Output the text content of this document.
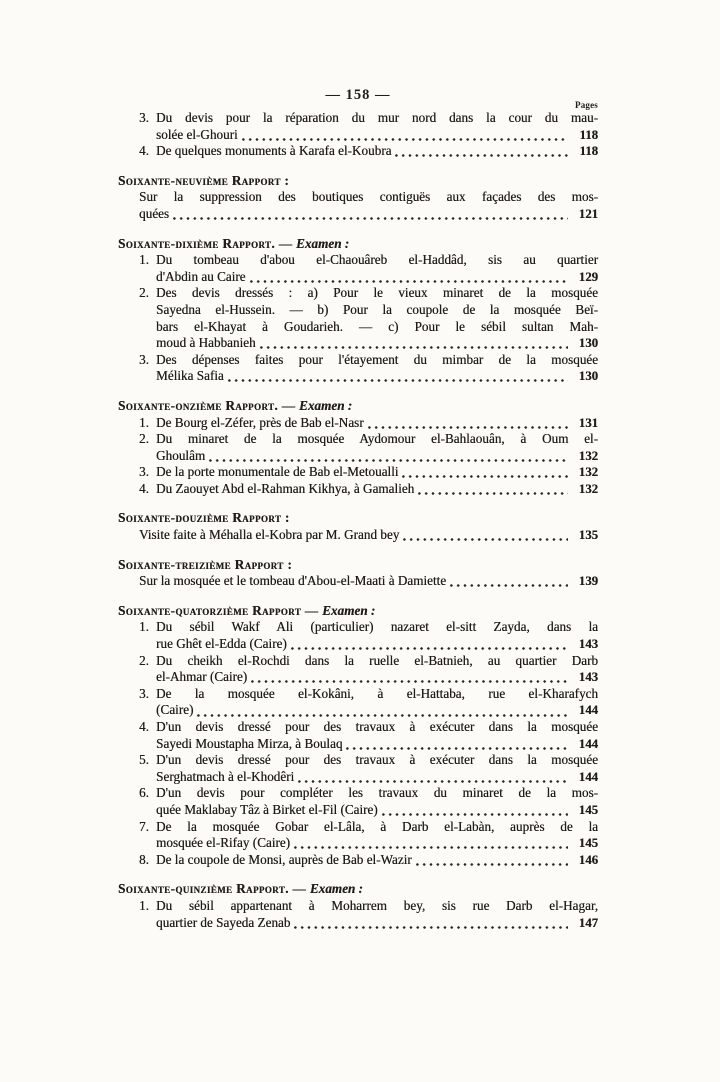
— 158 —
Pages
3. Du devis pour la réparation du mur nord dans la cour du mau-
solée el-Ghouri	118
4. De quelques monuments à Karafa el-Koubra	118
Soixante-neuvième Rapport :
Sur la suppression des boutiques contiguës aux façades des mos-
quées	121
Soixante-dixième Rapport. — Examen :
1. Du tombeau d'abou el-Chaouâreb el-Haddâd, sis au quartier
d'Abdin au Caire	129
2. Des devis dressés : a) Pour le vieux minaret de la mosquée
Sayedna el-Hussein. — b) Pour la coupole de la mosquée Beï-
bars el-Khayat à Goudarieh. — c) Pour le sébil sultan Mah-
moud à Habbanieh	130
3. Des dépenses faites pour l'étayement du mimbar de la mosquée
Mélika Safia	130
Soixante-onzième Rapport. — Examen :
1. De Bourg el-Zéfer, près de Bab el-Nasr	131
2. Du minaret de la mosquée Aydomour el-Bahlaouân, à Oum el-
Ghoulâm	132
3. De la porte monumentale de Bab el-Metoualli	132
4. Du Zaouyet Abd el-Rahman Kikhya, à Gamalieh	132
Soixante-douzième Rapport :
Visite faite à Méhalla el-Kobra par M. Grand bey	135
Soixante-treizième Rapport :
Sur la mosquée et le tombeau d'Abou-el-Maati à Damiette	139
Soixante-quatorzième Rapport — Examen :
1. Du sébil Wakf Ali (particulier) nazaret el-sitt Zayda, dans la
rue Ghêt el-Edda (Caire)	143
2. Du cheikh el-Rochdi dans la ruelle el-Batnieh, au quartier Darb
el-Ahmar (Caire)	143
3. De la mosquée el-Kokâni, à el-Hattaba, rue el-Kharafych
(Caire)	144
4. D'un devis dressé pour des travaux à exécuter dans la mosquée
Sayedi Moustapha Mirza, à Boulaq	144
5. D'un devis dressé pour des travaux à exécuter dans la mosquée
Serghatmach à el-Khodêri	144
6. D'un devis pour compléter les travaux du minaret de la mos-
quée Maklabay Tâz à Birket el-Fil (Caire)	145
7. De la mosquée Gobar el-Lâla, à Darb el-Labàn, auprès de la
mosquée el-Rifay (Caire)	145
8. De la coupole de Monsi, auprès de Bab el-Wazir	146
Soixante-quinzième Rapport. — Examen :
1. Du sébil appartenant à Moharrem bey, sis rue Darb el-Hagar,
quartier de Sayeda Zenab	147
